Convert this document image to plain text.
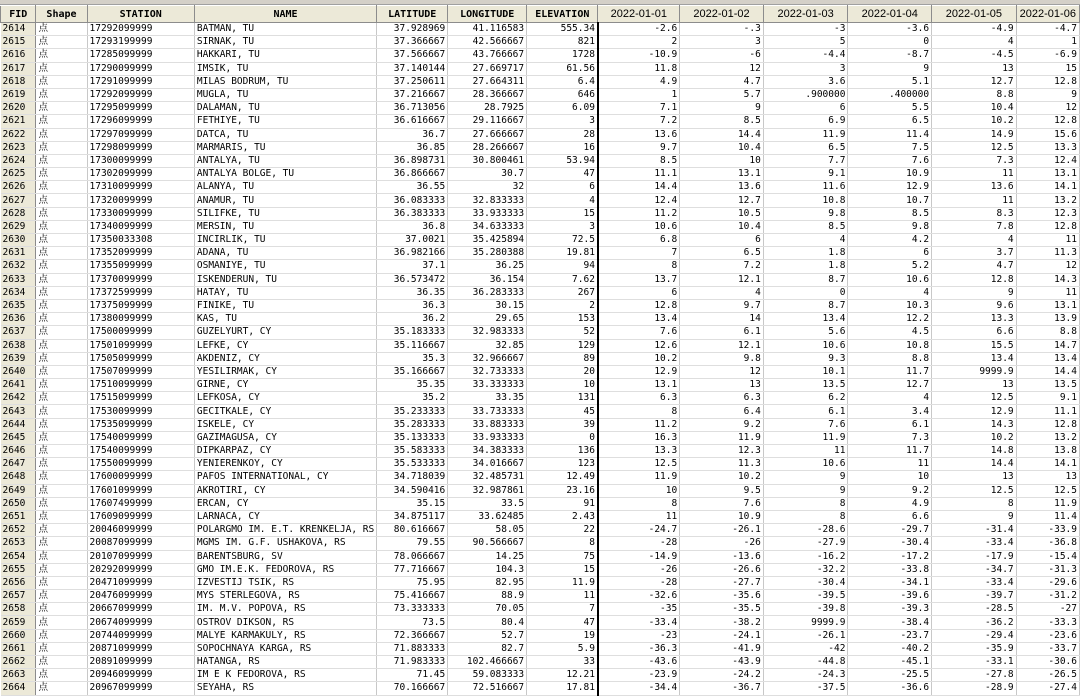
FID	Shape	STATION	NAME	LATITUDE	LONGITUDE	ELEVATION	2022-01-01	2022-01-02	2022-01-03	2022-01-04	2022-01-05	2022-01-06
2614	点	17292099999	BATMAN, TU	37.928969	41.116583	555.34	-2.6	-.3	-3	-3.6	-4.9	-4.7
2615	点	17293199999	SIRNAK, TU	37.366667	42.566667	821	2	3	5	0	4	1
2616	点	17285099999	HAKKARI, TU	37.566667	43.766667	1728	-10.9	-6	-4.4	-8.7	-4.5	-6.9
2617	点	17290099999	IMSIK, TU	37.140144	27.669717	61.56	11.8	12	3	9	13	15
2618	点	17291099999	MILAS BODRUM, TU	37.250611	27.664311	6.4	4.9	4.7	3.6	5.1	12.7	12.8
2619	点	17292099999	MUGLA, TU	37.216667	28.366667	646	1	5.7	.900000	.400000	8.8	9
2620	点	17295099999	DALAMAN, TU	36.713056	28.7925	6.09	7.1	9	6	5.5	10.4	12
2621	点	17296099999	FETHIYE, TU	36.616667	29.116667	3	7.2	8.5	6.9	6.5	10.2	12.8
2622	点	17297099999	DATCA, TU	36.7	27.666667	28	13.6	14.4	11.9	11.4	14.9	15.6
2623	点	17298099999	MARMARIS, TU	36.85	28.266667	16	9.7	10.4	6.5	7.5	12.5	13.3
2624	点	17300099999	ANTALYA, TU	36.898731	30.800461	53.94	8.5	10	7.7	7.6	7.3	12.4
2625	点	17302099999	ANTALYA BOLGE, TU	36.866667	30.7	47	11.1	13.1	9.1	10.9	11	13.1
2626	点	17310099999	ALANYA, TU	36.55	32	6	14.4	13.6	11.6	12.9	13.6	14.1
2627	点	17320099999	ANAMUR, TU	36.083333	32.833333	4	12.4	12.7	10.8	10.7	11	13.2
2628	点	17330099999	SILIFKE, TU	36.383333	33.933333	15	11.2	10.5	9.8	8.5	8.3	12.3
2629	点	17340099999	MERSIN, TU	36.8	34.633333	3	10.6	10.4	8.5	9.8	7.8	12.8
2630	点	17350033308	INCIRLIK, TU	37.0021	35.425894	72.5	6.8	6	4	4.2	4	11
2631	点	17352099999	ADANA, TU	36.982166	35.280388	19.81	7	6.5	1.8	6	3.7	11.3
2632	点	17355099999	OSMANIYE, TU	37.1	36.25	94	8	7.2	1.8	5.2	4.7	12
2633	点	17370099999	ISKENDERUN, TU	36.573472	36.154	7.62	13.7	12.1	8.7	10.6	12.8	14.3
2634	点	17372599999	HATAY, TU	36.35	36.283333	267	6	4	0	4	9	11
2635	点	17375099999	FINIKE, TU	36.3	30.15	2	12.8	9.7	8.7	10.3	9.6	13.1
2636	点	17380099999	KAS, TU	36.2	29.65	153	13.4	14	13.4	12.2	13.3	13.9
2637	点	17500099999	GUZELYURT, CY	35.183333	32.983333	52	7.6	6.1	5.6	4.5	6.6	8.8
2638	点	17501099999	LEFKE, CY	35.116667	32.85	129	12.6	12.1	10.6	10.8	15.5	14.7
2639	点	17505099999	AKDENIZ, CY	35.3	32.966667	89	10.2	9.8	9.3	8.8	13.4	13.4
2640	点	17507099999	YESILIRMAK, CY	35.166667	32.733333	20	12.9	12	10.1	11.7	9999.9	14.4
2641	点	17510099999	GIRNE, CY	35.35	33.333333	10	13.1	13	13.5	12.7	13	13.5
2642	点	17515099999	LEFKOSA, CY	35.2	33.35	131	6.3	6.3	6.2	4	12.5	9.1
2643	点	17530099999	GECITKALE, CY	35.233333	33.733333	45	8	6.4	6.1	3.4	12.9	11.1
2644	点	17535099999	ISKELE, CY	35.283333	33.883333	39	11.2	9.2	7.6	6.1	14.3	12.8
2645	点	17540099999	GAZIMAGUSA, CY	35.133333	33.933333	0	16.3	11.9	11.9	7.3	10.2	13.2
2646	点	17540099999	DIPKARPAZ, CY	35.583333	34.383333	136	13.3	12.3	11	11.7	14.8	13.8
2647	点	17550099999	YENIERENKOY, CY	35.533333	34.016667	123	12.5	11.3	10.6	11	14.4	14.1
2648	点	17600099999	PAFOS INTERNATIONAL, CY	34.718039	32.485731	12.49	11.9	10.2	9	10	13	13
2649	点	17601099999	AKROTIRI, CY	34.590416	32.987861	23.16	10	9.5	9	9.2	12.5	12.5
2650	点	17607499999	ERCAN, CY	35.15	33.5	91	8	7.6	8	4.9	8	11.9
2651	点	17609099999	LARNACA, CY	34.875117	33.62485	2.43	11	10.9	8	6.6	9	11.4
2652	点	20046099999	POLARGMO IM. E.T. KRENKELJA, RS	80.616667	58.05	22	-24.7	-26.1	-28.6	-29.7	-31.4	-33.9
2653	点	20087099999	MGMS IM. G.F. USHAKOVA, RS	79.55	90.566667	8	-28	-26	-27.9	-30.4	-33.4	-36.8
2654	点	20107099999	BARENTSBURG, SV	78.066667	14.25	75	-14.9	-13.6	-16.2	-17.2	-17.9	-15.4
2655	点	20292099999	GMO IM.E.K. FEDOROVA, RS	77.716667	104.3	15	-26	-26.6	-32.2	-33.8	-34.7	-31.3
2656	点	20471099999	IZVESTIJ TSIK, RS	75.95	82.95	11.9	-28	-27.7	-30.4	-34.1	-33.4	-29.6
2657	点	20476099999	MYS STERLEGOVA, RS	75.416667	88.9	11	-32.6	-35.6	-39.5	-39.6	-39.7	-31.2
2658	点	20667099999	IM. M.V. POPOVA, RS	73.333333	70.05	7	-35	-35.5	-39.8	-39.3	-28.5	-27
2659	点	20674099999	OSTROV DIKSON, RS	73.5	80.4	47	-33.4	-38.2	9999.9	-38.4	-36.2	-33.3
2660	点	20744099999	MALYE KARMAKULY, RS	72.366667	52.7	19	-23	-24.1	-26.1	-23.7	-29.4	-23.6
2661	点	20871099999	SOPOCHNAYA KARGA, RS	71.883333	82.7	5.9	-36.3	-41.9	-42	-40.2	-35.9	-33.7
2662	点	20891099999	HATANGA, RS	71.983333	102.466667	33	-43.6	-43.9	-44.8	-45.1	-33.1	-30.6
2663	点	20946099999	IM E K FEDOROVA, RS	71.45	59.083333	12.21	-23.9	-24.2	-24.3	-25.5	-27.8	-26.5
2664	点	20967099999	SEYAHA, RS	70.166667	72.516667	17.81	-34.4	-36.7	-37.5	-36.6	-28.9	-27.4
